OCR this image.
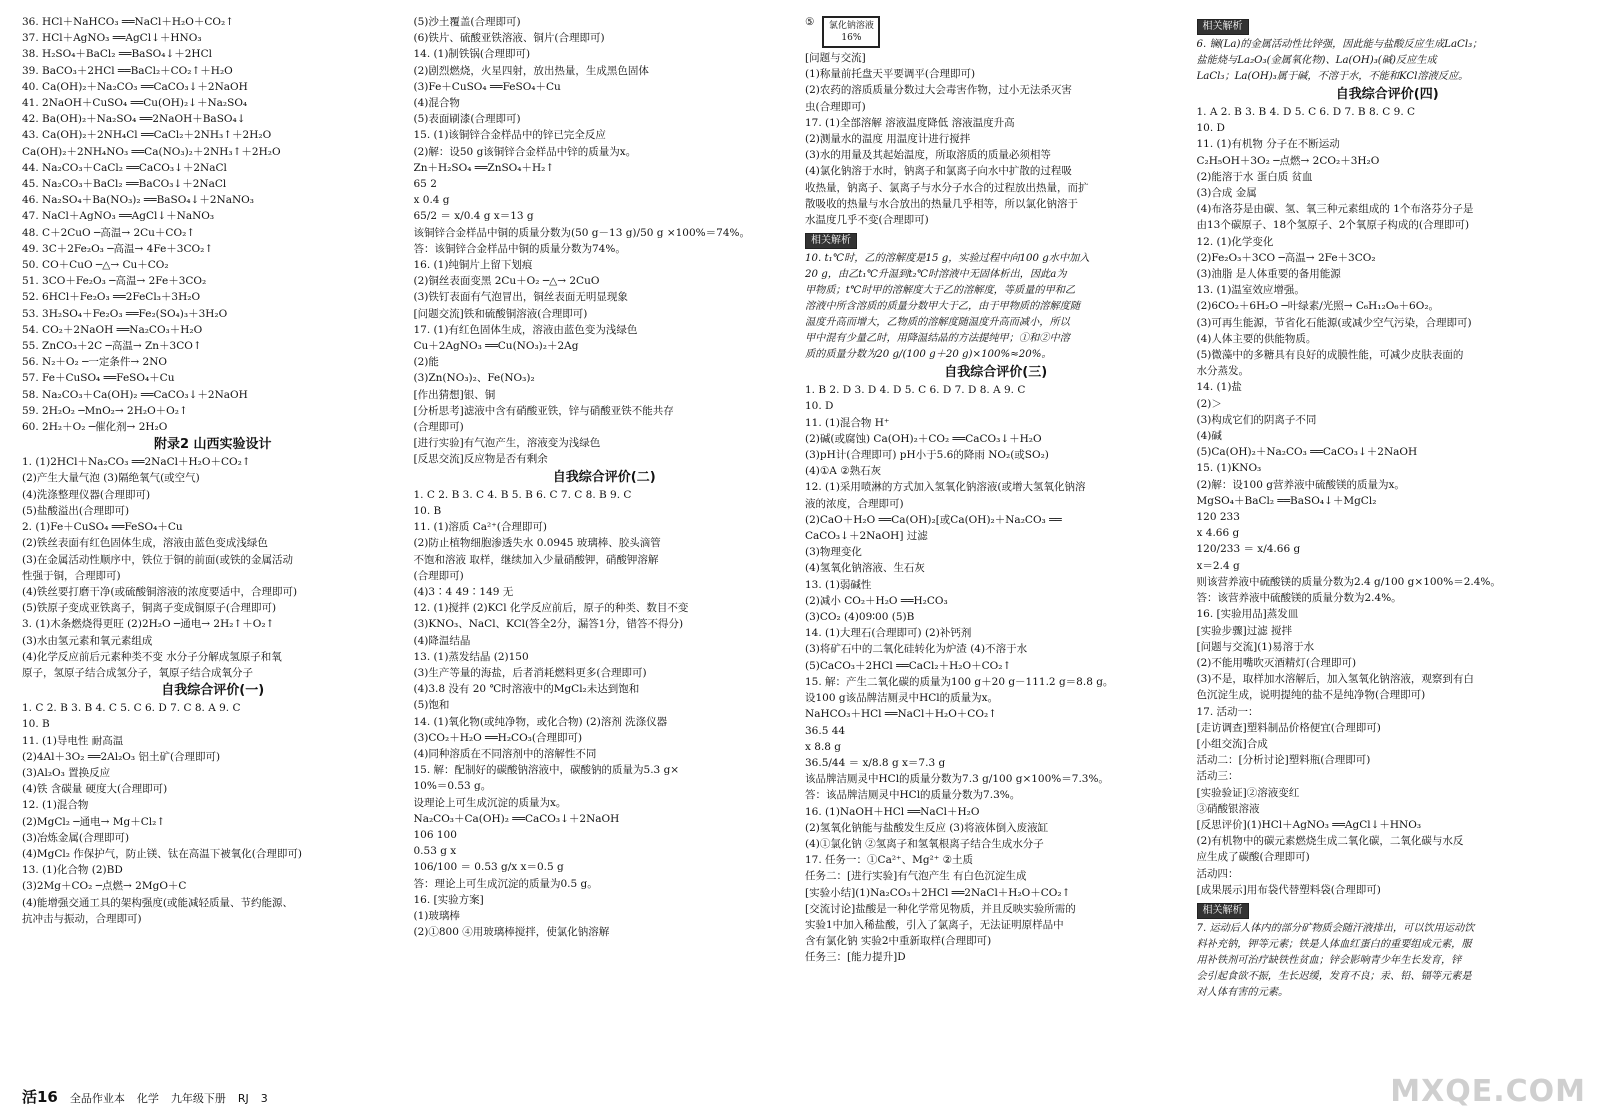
36. HCl＋NaHCO₃ ══NaCl＋H₂O＋CO₂↑
37. HCl＋AgNO₃ ══AgCl↓＋HNO₃
38. H₂SO₄＋BaCl₂ ══BaSO₄↓＋2HCl
39. BaCO₃＋2HCl ══BaCl₂＋CO₂↑＋H₂O
40. Ca(OH)₂＋Na₂CO₃ ══CaCO₃↓＋2NaOH
41. 2NaOH＋CuSO₄ ══Cu(OH)₂↓＋Na₂SO₄
42. Ba(OH)₂＋Na₂SO₄ ══2NaOH＋BaSO₄↓
43. Ca(OH)₂＋2NH₄Cl ══CaCl₂＋2NH₃↑＋2H₂O
Ca(OH)₂＋2NH₄NO₃ ══Ca(NO₃)₂＋2NH₃↑＋2H₂O
44. Na₂CO₃＋CaCl₂ ══CaCO₃↓＋2NaCl
45. Na₂CO₃＋BaCl₂ ══BaCO₃↓＋2NaCl
46. Na₂SO₄＋Ba(NO₃)₂ ══BaSO₄↓＋2NaNO₃
47. NaCl＋AgNO₃ ══AgCl↓＋NaNO₃
48. C＋2CuO ─高温→ 2Cu＋CO₂↑
49. 3C＋2Fe₂O₃ ─高温→ 4Fe＋3CO₂↑
50. CO＋CuO ─△→ Cu＋CO₂
51. 3CO＋Fe₂O₃ ─高温→ 2Fe＋3CO₂
52. 6HCl＋Fe₂O₃ ══2FeCl₃＋3H₂O
53. 3H₂SO₄＋Fe₂O₃ ══Fe₂(SO₄)₃＋3H₂O
54. CO₂＋2NaOH ══Na₂CO₃＋H₂O
55. ZnCO₃＋2C ─高温→ Zn＋3CO↑
56. N₂＋O₂ ─一定条件→ 2NO
57. Fe＋CuSO₄ ══FeSO₄＋Cu
58. Na₂CO₃＋Ca(OH)₂ ══CaCO₃↓＋2NaOH
59. 2H₂O₂ ─MnO₂→ 2H₂O＋O₂↑
60. 2H₂＋O₂ ─催化剂→ 2H₂O
附录2 山西实验设计
1. (1)2HCl＋Na₂CO₃ ══2NaCl＋H₂O＋CO₂↑
(2)产生大量气泡 (3)隔绝氧气(或空气)
(4)洗涤整理仪器(合理即可)
(5)盐酸溢出(合理即可)
2. (1)Fe＋CuSO₄ ══FeSO₄＋Cu
(2)铁丝表面有红色固体生成，溶液由蓝色变成浅绿色
(3)在金属活动性顺序中，铁位于铜的前面(或铁的金属活动
性强于铜，合理即可)
(4)铁丝要打磨干净(或硫酸铜溶液的浓度要适中，合理即可)
(5)铁原子变成亚铁离子，铜离子变成铜原子(合理即可)
3. (1)木条燃烧得更旺 (2)2H₂O ─通电→ 2H₂↑＋O₂↑
(3)水由氢元素和氧元素组成
(4)化学反应前后元素种类不变 水分子分解成氢原子和氧
原子，氢原子结合成氢分子，氧原子结合成氧分子
自我综合评价(一)
1. C 2. B 3. B 4. C 5. C 6. D 7. C 8. A 9. C
10. B
11. (1)导电性 耐高温
(2)4Al＋3O₂ ══2Al₂O₃ 铝土矿(合理即可)
(3)Al₂O₃ 置换反应
(4)铁 含碳量 硬度大(合理即可)
12. (1)混合物
(2)MgCl₂ ─通电→ Mg＋Cl₂↑
(3)冶炼金属(合理即可)
(4)MgCl₂ 作保护气，防止镁、钛在高温下被氧化(合理即可)
13. (1)化合物 (2)BD
(3)2Mg＋CO₂ ─点燃→ 2MgO＋C
(4)能增强交通工具的架构强度(或能减轻质量、节约能源、
抗冲击与振动，合理即可)
(5)沙土覆盖(合理即可)
(6)铁片、硫酸亚铁溶液、铜片(合理即可)
14. (1)制铁锅(合理即可)
(2)剧烈燃烧，火星四射，放出热量，生成黑色固体
(3)Fe＋CuSO₄ ══FeSO₄＋Cu
(4)混合物
(5)表面刷漆(合理即可)
15. (1)该铜锌合金样品中的锌已完全反应
(2)解：设50 g该铜锌合金样品中锌的质量为x。
Zn＋H₂SO₄ ══ZnSO₄＋H₂↑
65 2
x 0.4 g
65/2 ＝ x/0.4 g x＝13 g
该铜锌合金样品中铜的质量分数为(50 g－13 g)/50 g ×100%＝74%。
答：该铜锌合金样品中铜的质量分数为74%。
16. (1)纯铜片上留下划痕
(2)铜丝表面变黑 2Cu＋O₂ ─△→ 2CuO
(3)铁钉表面有气泡冒出，铜丝表面无明显现象
[问题交流]铁和硫酸铜溶液(合理即可)
17. (1)有红色固体生成，溶液由蓝色变为浅绿色
Cu＋2AgNO₃ ══Cu(NO₃)₂＋2Ag
(2)能
(3)Zn(NO₃)₂、Fe(NO₃)₂
[作出猜想]银、铜
[分析思考]滤液中含有硝酸亚铁，锌与硝酸亚铁不能共存
(合理即可)
[进行实验]有气泡产生，溶液变为浅绿色
[反思交流]反应物是否有剩余
自我综合评价(二)
1. C 2. B 3. C 4. B 5. B 6. C 7. C 8. B 9. C
10. B
11. (1)溶质 Ca²⁺(合理即可)
(2)防止植物细胞渗透失水 0.0945 玻璃棒、胶头滴管
不饱和溶液 取样，继续加入少量硝酸钾，硝酸钾溶解
(合理即可)
(4)3∶4 49∶149 无
12. (1)搅拌 (2)KCl 化学反应前后，原子的种类、数目不变
(3)KNO₃、NaCl、KCl(答全2分，漏答1分，错答不得分)
(4)降温结晶
13. (1)蒸发结晶 (2)150
(3)生产等量的海盐，后者消耗燃料更多(合理即可)
(4)3.8 没有 20 ℃时溶液中的MgCl₂未达到饱和
(5)饱和
14. (1)氧化物(或纯净物，或化合物) (2)溶剂 洗涤仪器
(3)CO₂＋H₂O ══H₂CO₃(合理即可)
(4)同种溶质在不同溶剂中的溶解性不同
15. 解：配制好的碳酸钠溶液中，碳酸钠的质量为5.3 g×
10%＝0.53 g。
设理论上可生成沉淀的质量为x。
Na₂CO₃＋Ca(OH)₂ ══CaCO₃↓＋2NaOH
106 100
0.53 g x
106/100 ＝ 0.53 g/x x＝0.5 g
答：理论上可生成沉淀的质量为0.5 g。
16. [实验方案]
(1)玻璃棒
(2)①800 ④用玻璃棒搅拌，使氯化钠溶解
⑤	氯化钠溶液
16%
[问题与交流]
(1)称量前托盘天平要调平(合理即可)
(2)农药的溶质质量分数过大会毒害作物，过小无法杀灭害
虫(合理即可)
17. (1)全部溶解 溶液温度降低 溶液温度升高
(2)测量水的温度 用温度计进行搅拌
(3)水的用量及其起始温度，所取溶质的质量必须相等
(4)氯化钠溶于水时，钠离子和氯离子向水中扩散的过程吸
收热量，钠离子、氯离子与水分子水合的过程放出热量，而扩
散吸收的热量与水合放出的热量几乎相等，所以氯化钠溶于
水温度几乎不变(合理即可)
相关解析
10. t₁℃时，乙的溶解度是15 g，实验过程中向100 g水中加入
20 g，由乙t₁℃升温到t₂℃时溶液中无固体析出，因此a为
甲物质；t℃时甲的溶解度大于乙的溶解度，等质量的甲和乙
溶液中所含溶质的质量分数甲大于乙，由于甲物质的溶解度随
温度升高而增大，乙物质的溶解度随温度升高而减小，所以
甲中混有少量乙时，用降温结晶的方法提纯甲；①和②中溶
质的质量分数为20 g/(100 g＋20 g)×100%≈20%。
自我综合评价(三)
1. B 2. D 3. D 4. D 5. C 6. D 7. D 8. A 9. C
10. D
11. (1)混合物 H⁺
(2)碱(或腐蚀) Ca(OH)₂＋CO₂ ══CaCO₃↓＋H₂O
(3)pH计(合理即可) pH小于5.6的降雨 NO₂(或SO₂)
(4)①A ②熟石灰
12. (1)采用喷淋的方式加入氢氧化钠溶液(或增大氢氧化钠溶
液的浓度，合理即可)
(2)CaO＋H₂O ══Ca(OH)₂[或Ca(OH)₂＋Na₂CO₃ ══
CaCO₃↓＋2NaOH] 过滤
(3)物理变化
(4)氢氧化钠溶液、生石灰
13. (1)弱碱性
(2)减小 CO₂＋H₂O ══H₂CO₃
(3)CO₂ (4)09∶00 (5)B
14. (1)大理石(合理即可) (2)补钙剂
(3)将矿石中的二氧化硅转化为炉渣 (4)不溶于水
(5)CaCO₃＋2HCl ══CaCl₂＋H₂O＋CO₂↑
15. 解：产生二氧化碳的质量为100 g＋20 g－111.2 g＝8.8 g。
设100 g该品牌洁厕灵中HCl的质量为x。
NaHCO₃＋HCl ══NaCl＋H₂O＋CO₂↑
36.5 44
x 8.8 g
36.5/44 ＝ x/8.8 g x＝7.3 g
该品牌洁厕灵中HCl的质量分数为7.3 g/100 g×100%＝7.3%。
答：该品牌洁厕灵中HCl的质量分数为7.3%。
16. (1)NaOH＋HCl ══NaCl＋H₂O
(2)氢氧化钠能与盐酸发生反应 (3)将液体倒入废液缸
(4)①氯化钠 ②氢离子和氢氧根离子结合生成水分子
17. 任务一：①Ca²⁺、Mg²⁺ ②土质
任务二：[进行实验]有气泡产生 有白色沉淀生成
[实验小结](1)Na₂CO₃＋2HCl ══2NaCl＋H₂O＋CO₂↑
[交流讨论]盐酸是一种化学常见物质，并且反映实验所需的
实验1中加入稀盐酸，引入了氯离子，无法证明原样品中
含有氯化钠 实验2中重新取样(合理即可)
任务三：[能力提升]D
相关解析
6. 镧(La)的金属活动性比锌强，因此能与盐酸反应生成LaCl₃；
盐能烧与La₂O₃(金属氧化物)、La(OH)₃(碱)反应生成
LaCl₃；La(OH)₃属于碱，不溶于水，不能和KCl溶液反应。
自我综合评价(四)
1. A 2. B 3. B 4. D 5. C 6. D 7. B 8. C 9. C
10. D
11. (1)有机物 分子在不断运动
C₂H₅OH＋3O₂ ─点燃→ 2CO₂＋3H₂O
(2)能溶于水 蛋白质 贫血
(3)合成 金属
(4)布洛芬是由碳、氢、氧三种元素组成的 1个布洛芬分子是
由13个碳原子、18个氢原子、2个氧原子构成的(合理即可)
12. (1)化学变化
(2)Fe₂O₃＋3CO ─高温→ 2Fe＋3CO₂
(3)油脂 是人体重要的备用能源
13. (1)温室效应增强。
(2)6CO₂＋6H₂O ─叶绿素/光照→ C₆H₁₂O₆＋6O₂。
(3)可再生能源，节省化石能源(或减少空气污染，合理即可)
(4)人体主要的供能物质。
(5)微藻中的多糖具有良好的成膜性能，可减少皮肤表面的
水分蒸发。
14. (1)盐
(2)＞
(3)构成它们的阴离子不同
(4)碱
(5)Ca(OH)₂＋Na₂CO₃ ══CaCO₃↓＋2NaOH
15. (1)KNO₃
(2)解：设100 g营养液中硫酸镁的质量为x。
MgSO₄＋BaCl₂ ══BaSO₄↓＋MgCl₂
120 233
x 4.66 g
120/233 ＝ x/4.66 g
x＝2.4 g
则该营养液中硫酸镁的质量分数为2.4 g/100 g×100%＝2.4%。
答：该营养液中硫酸镁的质量分数为2.4%。
16. [实验用品]蒸发皿
[实验步骤]过滤 搅拌
[问题与交流](1)易溶于水
(2)不能用嘴吹灭酒精灯(合理即可)
(3)不是，取样加水溶解后，加入氢氧化钠溶液，观察到有白
色沉淀生成，说明提纯的盐不是纯净物(合理即可)
17. 活动一：
[走访调查]塑料制品价格便宜(合理即可)
[小组交流]合成
活动二：[分析讨论]塑料瓶(合理即可)
活动三：
[实验验证]②溶液变红
③硝酸银溶液
[反思评价](1)HCl＋AgNO₃ ══AgCl↓＋HNO₃
(2)有机物中的碳元素燃烧生成二氧化碳，二氧化碳与水反
应生成了碳酸(合理即可)
活动四：
[成果展示]用布袋代替塑料袋(合理即可)
相关解析
7. 运动后人体内的部分矿物质会随汗液排出，可以饮用运动饮
料补充钠，钾等元素；铁是人体血红蛋白的重要组成元素，服
用补铁剂可治疗缺铁性贫血；锌会影响青少年生长发育，锌
会引起食欲不振，生长迟缓，发育不良；汞、铅、镉等元素是
对人体有害的元素。
活16 全品作业本 化学 九年级下册 RJ 3	MXQE.COM
